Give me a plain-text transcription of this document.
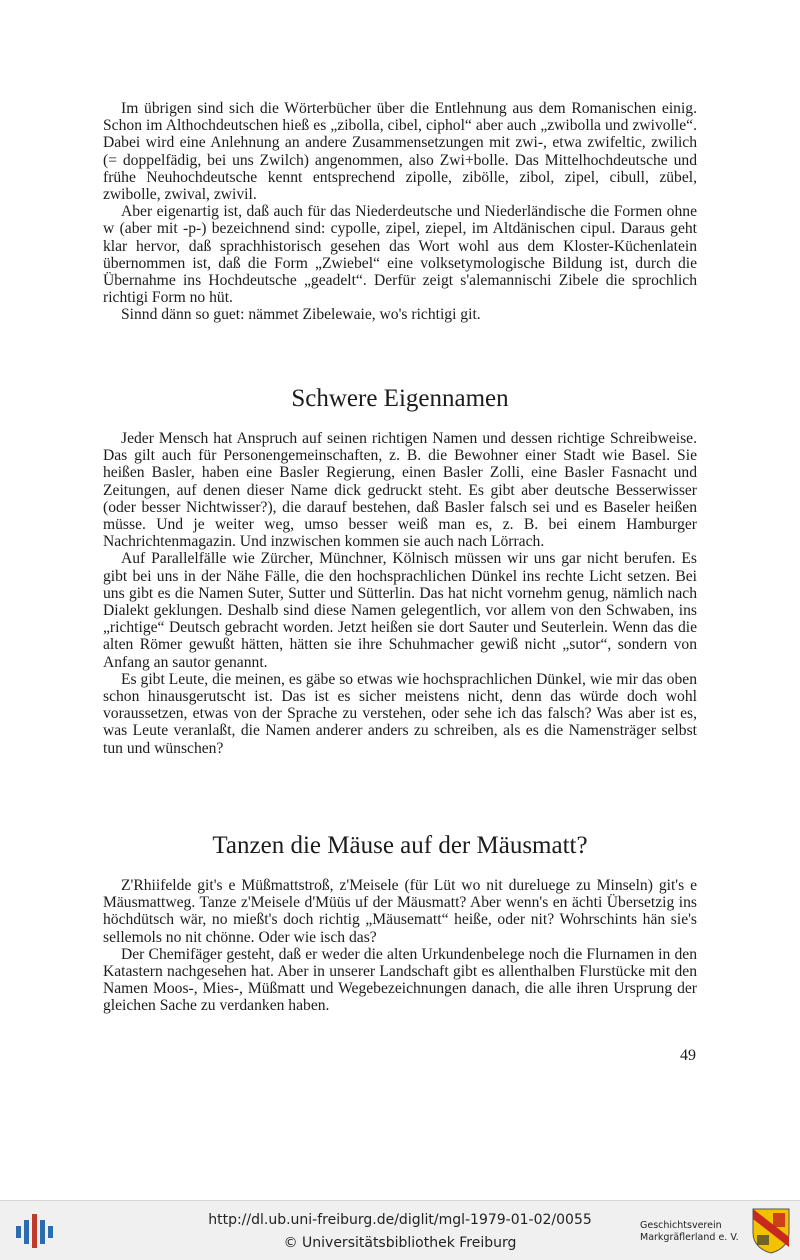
Im übrigen sind sich die Wörterbücher über die Entlehnung aus dem Romanischen einig. Schon im Althochdeutschen hieß es „zibolla, cibel, ciphol“ aber auch „zwibolla und zwivolle“. Dabei wird eine Anlehnung an andere Zusammensetzungen mit zwi-, etwa zwifeltic, zwilich (= doppelfädig, bei uns Zwilch) angenommen, also Zwi+bolle. Das Mittelhochdeutsche und frühe Neuhochdeutsche kennt entsprechend zipolle, zibölle, zibol, zipel, cibull, zübel, zwibolle, zwival, zwivil.

Aber eigenartig ist, daß auch für das Niederdeutsche und Niederländische die Formen ohne w (aber mit -p-) bezeichnend sind: cypolle, zipel, ziepel, im Altdänischen cipul. Daraus geht klar hervor, daß sprachhistorisch gesehen das Wort wohl aus dem Kloster-Küchenlatein übernommen ist, daß die Form „Zwiebel“ eine volksetymologische Bildung ist, durch die Übernahme ins Hochdeutsche „geadelt“. Derfür zeigt s'alemannischi Zibele die sprochlich richtigi Form no hüt.

Sinnd dänn so guet: nämmet Zibelewaie, wo's richtigi git.

Schwere Eigennamen

Jeder Mensch hat Anspruch auf seinen richtigen Namen und dessen richtige Schreibweise. Das gilt auch für Personengemeinschaften, z. B. die Bewohner einer Stadt wie Basel. Sie heißen Basler, haben eine Basler Regierung, einen Basler Zolli, eine Basler Fasnacht und Zeitungen, auf denen dieser Name dick gedruckt steht. Es gibt aber deutsche Besserwisser (oder besser Nichtwisser?), die darauf bestehen, daß Basler falsch sei und es Baseler heißen müsse. Und je weiter weg, umso besser weiß man es, z. B. bei einem Hamburger Nachrichtenmagazin. Und inzwischen kommen sie auch nach Lörrach.

Auf Parallelfälle wie Zürcher, Münchner, Kölnisch müssen wir uns gar nicht berufen. Es gibt bei uns in der Nähe Fälle, die den hochsprachlichen Dünkel ins rechte Licht setzen. Bei uns gibt es die Namen Suter, Sutter und Sütterlin. Das hat nicht vornehm genug, nämlich nach Dialekt geklungen. Deshalb sind diese Namen gelegentlich, vor allem von den Schwaben, ins „richtige“ Deutsch gebracht worden. Jetzt heißen sie dort Sauter und Seuterlein. Wenn das die alten Römer gewußt hätten, hätten sie ihre Schuhmacher gewiß nicht „sutor“, sondern von Anfang an sautor genannt.

Es gibt Leute, die meinen, es gäbe so etwas wie hochsprachlichen Dünkel, wie mir das oben schon hinausgerutscht ist. Das ist es sicher meistens nicht, denn das würde doch wohl voraussetzen, etwas von der Sprache zu verstehen, oder sehe ich das falsch? Was aber ist es, was Leute veranlaßt, die Namen anderer anders zu schreiben, als es die Namensträger selbst tun und wünschen?

Tanzen die Mäuse auf der Mäusmatt?

Z'Rhiifelde git's e Müßmattstroß, z'Meisele (für Lüt wo nit dureluege zu Minseln) git's e Mäusmattweg. Tanze z'Meisele d'Müüs uf der Mäusmatt? Aber wenn's en ächti Übersetzig ins höchdütsch wär, no mießt's doch richtig „Mäusematt“ heiße, oder nit? Wohrschints hän sie's sellemols no nit chönne. Oder wie isch das?

Der Chemifäger gesteht, daß er weder die alten Urkundenbelege noch die Flurnamen in den Katastern nachgesehen hat. Aber in unserer Landschaft gibt es allenthalben Flurstücke mit den Namen Moos-, Mies-, Müßmatt und Wegebezeichnungen danach, die alle ihren Ursprung der gleichen Sache zu verdanken haben.

49
http://dl.ub.uni-freiburg.de/diglit/mgl-1979-01-02/0055
© Universitätsbibliothek Freiburg
Geschichtsverein
Markgräflerland e. V.
